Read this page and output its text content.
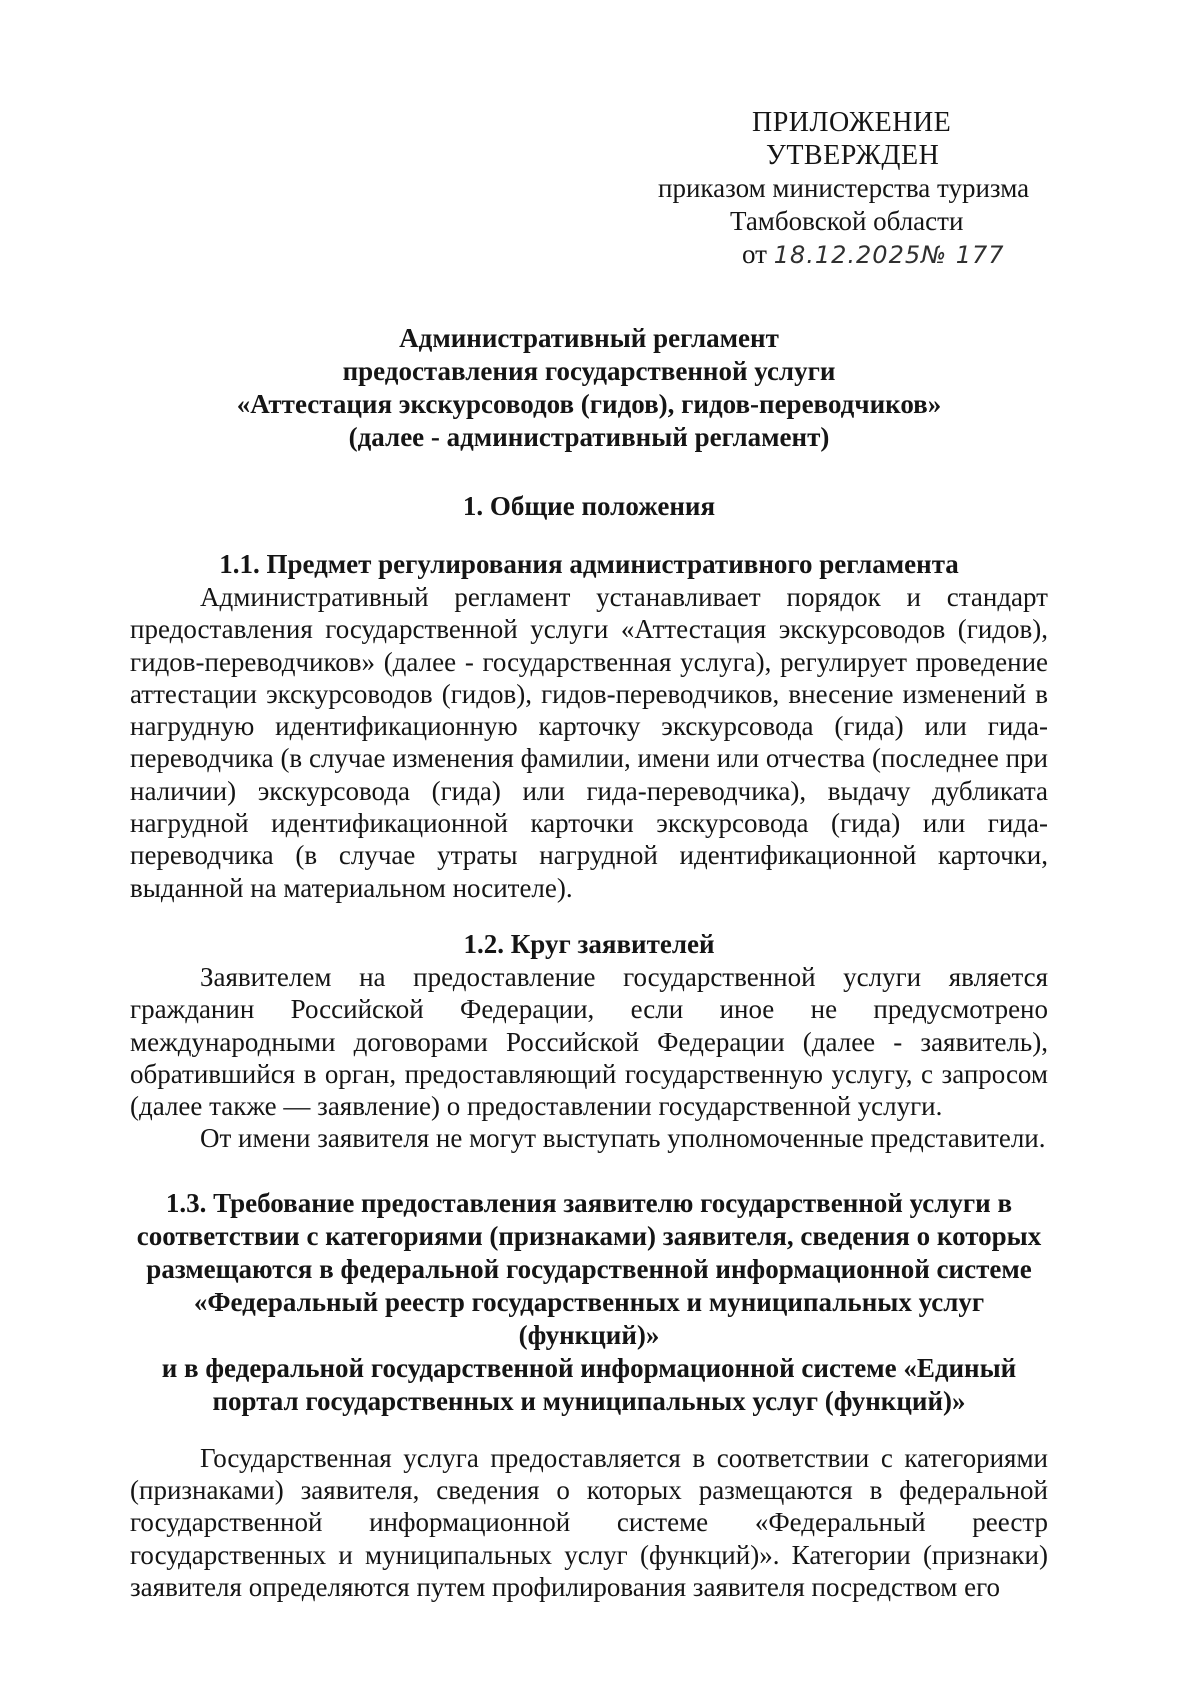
ПРИЛОЖЕНИЕ
УТВЕРЖДЕН
приказом министерства туризма
Тамбовской области
от 18.12.2025№ 177
Административный регламент
предоставления государственной услуги
«Аттестация экскурсоводов (гидов), гидов-переводчиков»
(далее - административный регламент)
1. Общие положения
1.1. Предмет регулирования административного регламента

Административный регламент устанавливает порядок и стандарт предоставления государственной услуги «Аттестация экскурсоводов (гидов), гидов-переводчиков» (далее - государственная услуга), регулирует проведение аттестации экскурсоводов (гидов), гидов-переводчиков, внесение изменений в нагрудную идентификационную карточку экскурсовода (гида) или гида-переводчика (в случае изменения фамилии, имени или отчества (последнее при наличии) экскурсовода (гида) или гида-переводчика), выдачу дубликата нагрудной идентификационной карточки экскурсовода (гида) или гида-переводчика (в случае утраты нагрудной идентификационной карточки, выданной на материальном носителе).

1.2. Круг заявителей

Заявителем на предоставление государственной услуги является гражданин Российской Федерации, если иное не предусмотрено международными договорами Российской Федерации (далее - заявитель), обратившийся в орган, предоставляющий государственную услугу, с запросом (далее также — заявление) о предоставлении государственной услуги.

От имени заявителя не могут выступать уполномоченные представители.

1.3. Требование предоставления заявителю государственной услуги в
соответствии с категориями (признаками) заявителя, сведения о которых
размещаются в федеральной государственной информационной системе
«Федеральный реестр государственных и муниципальных услуг (функций)»
и в федеральной государственной информационной системе «Единый
портал государственных и муниципальных услуг (функций)»

Государственная услуга предоставляется в соответствии с категориями (признаками) заявителя, сведения о которых размещаются в федеральной государственной информационной системе «Федеральный реестр государственных и муниципальных услуг (функций)». Категории (признаки) заявителя определяются путем профилирования заявителя посредством его
